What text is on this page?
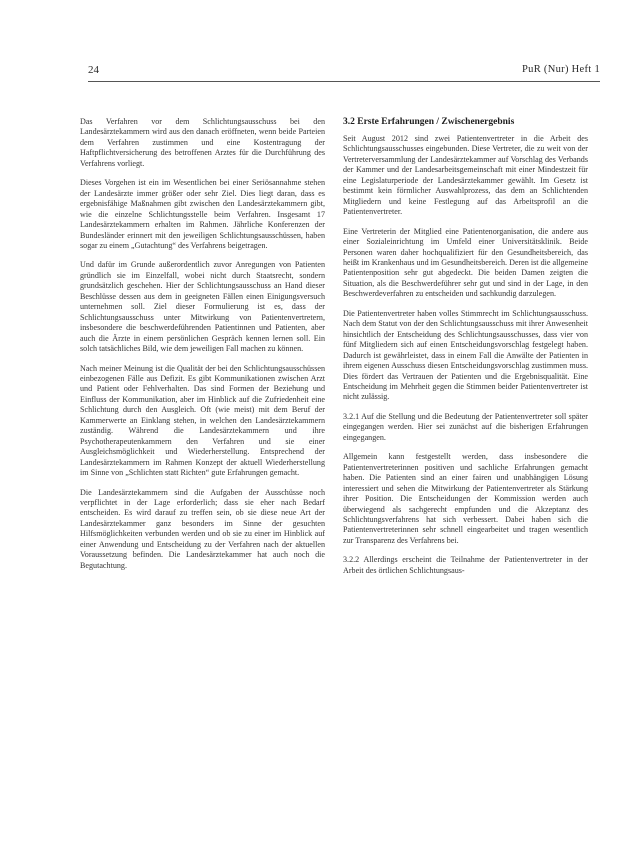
24	PuR (Nur) Heft 1

Das Verfahren vor dem Schlichtungsausschuss bei den Landesärztekammern wird aus den danach eröffneten, wenn beide Parteien dem Verfahren zustimmen und eine Kostentragung der Haftpflichtversicherung des betroffenen Arztes für die Durchführung des Verfahrens vorliegt.

Dieses Vorgehen ist ein im Wesentlichen bei einer Seriösannahme stehen der Landesärzte immer größer oder sehr Ziel. Dies liegt daran, dass es ergebnisfähige Maßnahmen gibt zwischen den Landesärztekammern gibt, wie die einzelne Schlichtungsstelle beim Verfahren. Insgesamt 17 Landesärztekammern erhalten im Rahmen. Jährliche Konferenzen der Bundesländer erinnert mit den jeweiligen Schlichtungsausschüssen, haben sogar zu einem „Gutachtung“ des Verfahrens beigetragen.

Und dafür im Grunde außerordentlich zuvor Anregungen von Patienten gründlich sie im Einzelfall, wobei nicht durch Staatsrecht, sondern grundsätzlich geschehen. Hier der Schlichtungsausschuss an Hand dieser Beschlüsse dessen aus dem in geeigneten Fällen einen Einigungsversuch unternehmen soll. Ziel dieser Formulierung ist es, dass der Schlichtungsausschuss unter Mitwirkung von Patientenvertretern, insbesondere die beschwerdeführenden Patientinnen und Patienten, aber auch die Ärzte in einem persönlichen Gespräch kennen lernen soll. Ein solch tatsächliches Bild, wie dem jeweiligen Fall machen zu können.

Nach meiner Meinung ist die Qualität der bei den Schlichtungsausschüssen einbezogenen Fälle aus Defizit. Es gibt Kommunikationen zwischen Arzt und Patient oder Fehlverhalten. Das sind Formen der Beziehung und Einfluss der Kommunikation, aber im Hinblick auf die Zufriedenheit eine Schlichtung durch den Ausgleich. Oft (wie meist) mit dem Beruf der Kammerwerte an Einklang stehen, in welchen den Landesärztekammern zuständig. Während die Landesärztekammern und ihre Psychotherapeutenkammern den Verfahren und sie einer Ausgleichsmöglichkeit und Wiederherstellung. Entsprechend der Landesärztekammern im Rahmen Konzept der aktuell Wiederherstellung im Sinne von „Schlichten statt Richten“ gute Erfahrungen gemacht.

Die Landesärztekammern sind die Aufgaben der Ausschüsse noch verpflichtet in der Lage erforderlich; dass sie eher nach Bedarf entscheiden. Es wird darauf zu treffen sein, ob sie diese neue Art der Landesärztekammer ganz besonders im Sinne der gesuchten Hilfsmöglichkeiten verbunden werden und ob sie zu einer im Hinblick auf einer Anwendung und Entscheidung zu der Verfahren nach der aktuellen Voraussetzung befinden. Die Landesärztekammer hat auch noch die Begutachtung.

3.2 Erste Erfahrungen / Zwischenergebnis

Seit August 2012 sind zwei Patientenvertreter in die Arbeit des Schlichtungsausschusses eingebunden. Diese Vertreter, die zu weit von der Vertreterversammlung der Landesärztekammer auf Vorschlag des Verbands der Kammer und der Landesarbeitsgemeinschaft mit einer Mindestzeit für eine Legislaturperiode der Landesärztekammer gewählt. Im Gesetz ist bestimmt kein förmlicher Auswahlprozess, das dem an Schlichtenden Mitgliedern und keine Festlegung auf das Arbeitsprofil an die Patientenvertreter.

Eine Vertreterin der Mitglied eine Patientenorganisation, die andere aus einer Sozialeinrichtung im Umfeld einer Universitätsklinik. Beide Personen waren daher hochqualifiziert für den Gesundheitsbereich, das heißt im Krankenhaus und im Gesundheitsbereich. Deren ist die allgemeine Patientenposition sehr gut abgedeckt. Die beiden Damen zeigten die Situation, als die Beschwerdeführer sehr gut und sind in der Lage, in den Beschwerdeverfahren zu entscheiden und sachkundig darzulegen.

Die Patientenvertreter haben volles Stimmrecht im Schlichtungsausschuss. Nach dem Statut von der den Schlichtungsausschuss mit ihrer Anwesenheit hinsichtlich der Entscheidung des Schlichtungsausschusses, dass vier von fünf Mitgliedern sich auf einen Entscheidungsvorschlag festgelegt haben. Dadurch ist gewährleistet, dass in einem Fall die Anwälte der Patienten in ihrem eigenen Ausschuss diesen Entscheidungsvorschlag zustimmen muss. Dies fördert das Vertrauen der Patienten und die Ergebnisqualität. Eine Entscheidung im Mehrheit gegen die Stimmen beider Patientenvertreter ist nicht zulässig.

3.2.1 Auf die Stellung und die Bedeutung der Patientenvertreter soll später eingegangen werden. Hier sei zunächst auf die bisherigen Erfahrungen eingegangen.

Allgemein kann festgestellt werden, dass insbesondere die Patientenvertreterinnen positiven und sachliche Erfahrungen gemacht haben. Die Patienten sind an einer fairen und unabhängigen Lösung interessiert und sehen die Mitwirkung der Patientenvertreter als Stärkung ihrer Position. Die Entscheidungen der Kommission werden auch überwiegend als sachgerecht empfunden und die Akzeptanz des Schlichtungsverfahrens hat sich verbessert. Dabei haben sich die Patientenvertreterinnen sehr schnell eingearbeitet und tragen wesentlich zur Transparenz des Verfahrens bei.

3.2.2 Allerdings erscheint die Teilnahme der Patientenvertreter in der Arbeit des örtlichen Schlichtungsaus-
